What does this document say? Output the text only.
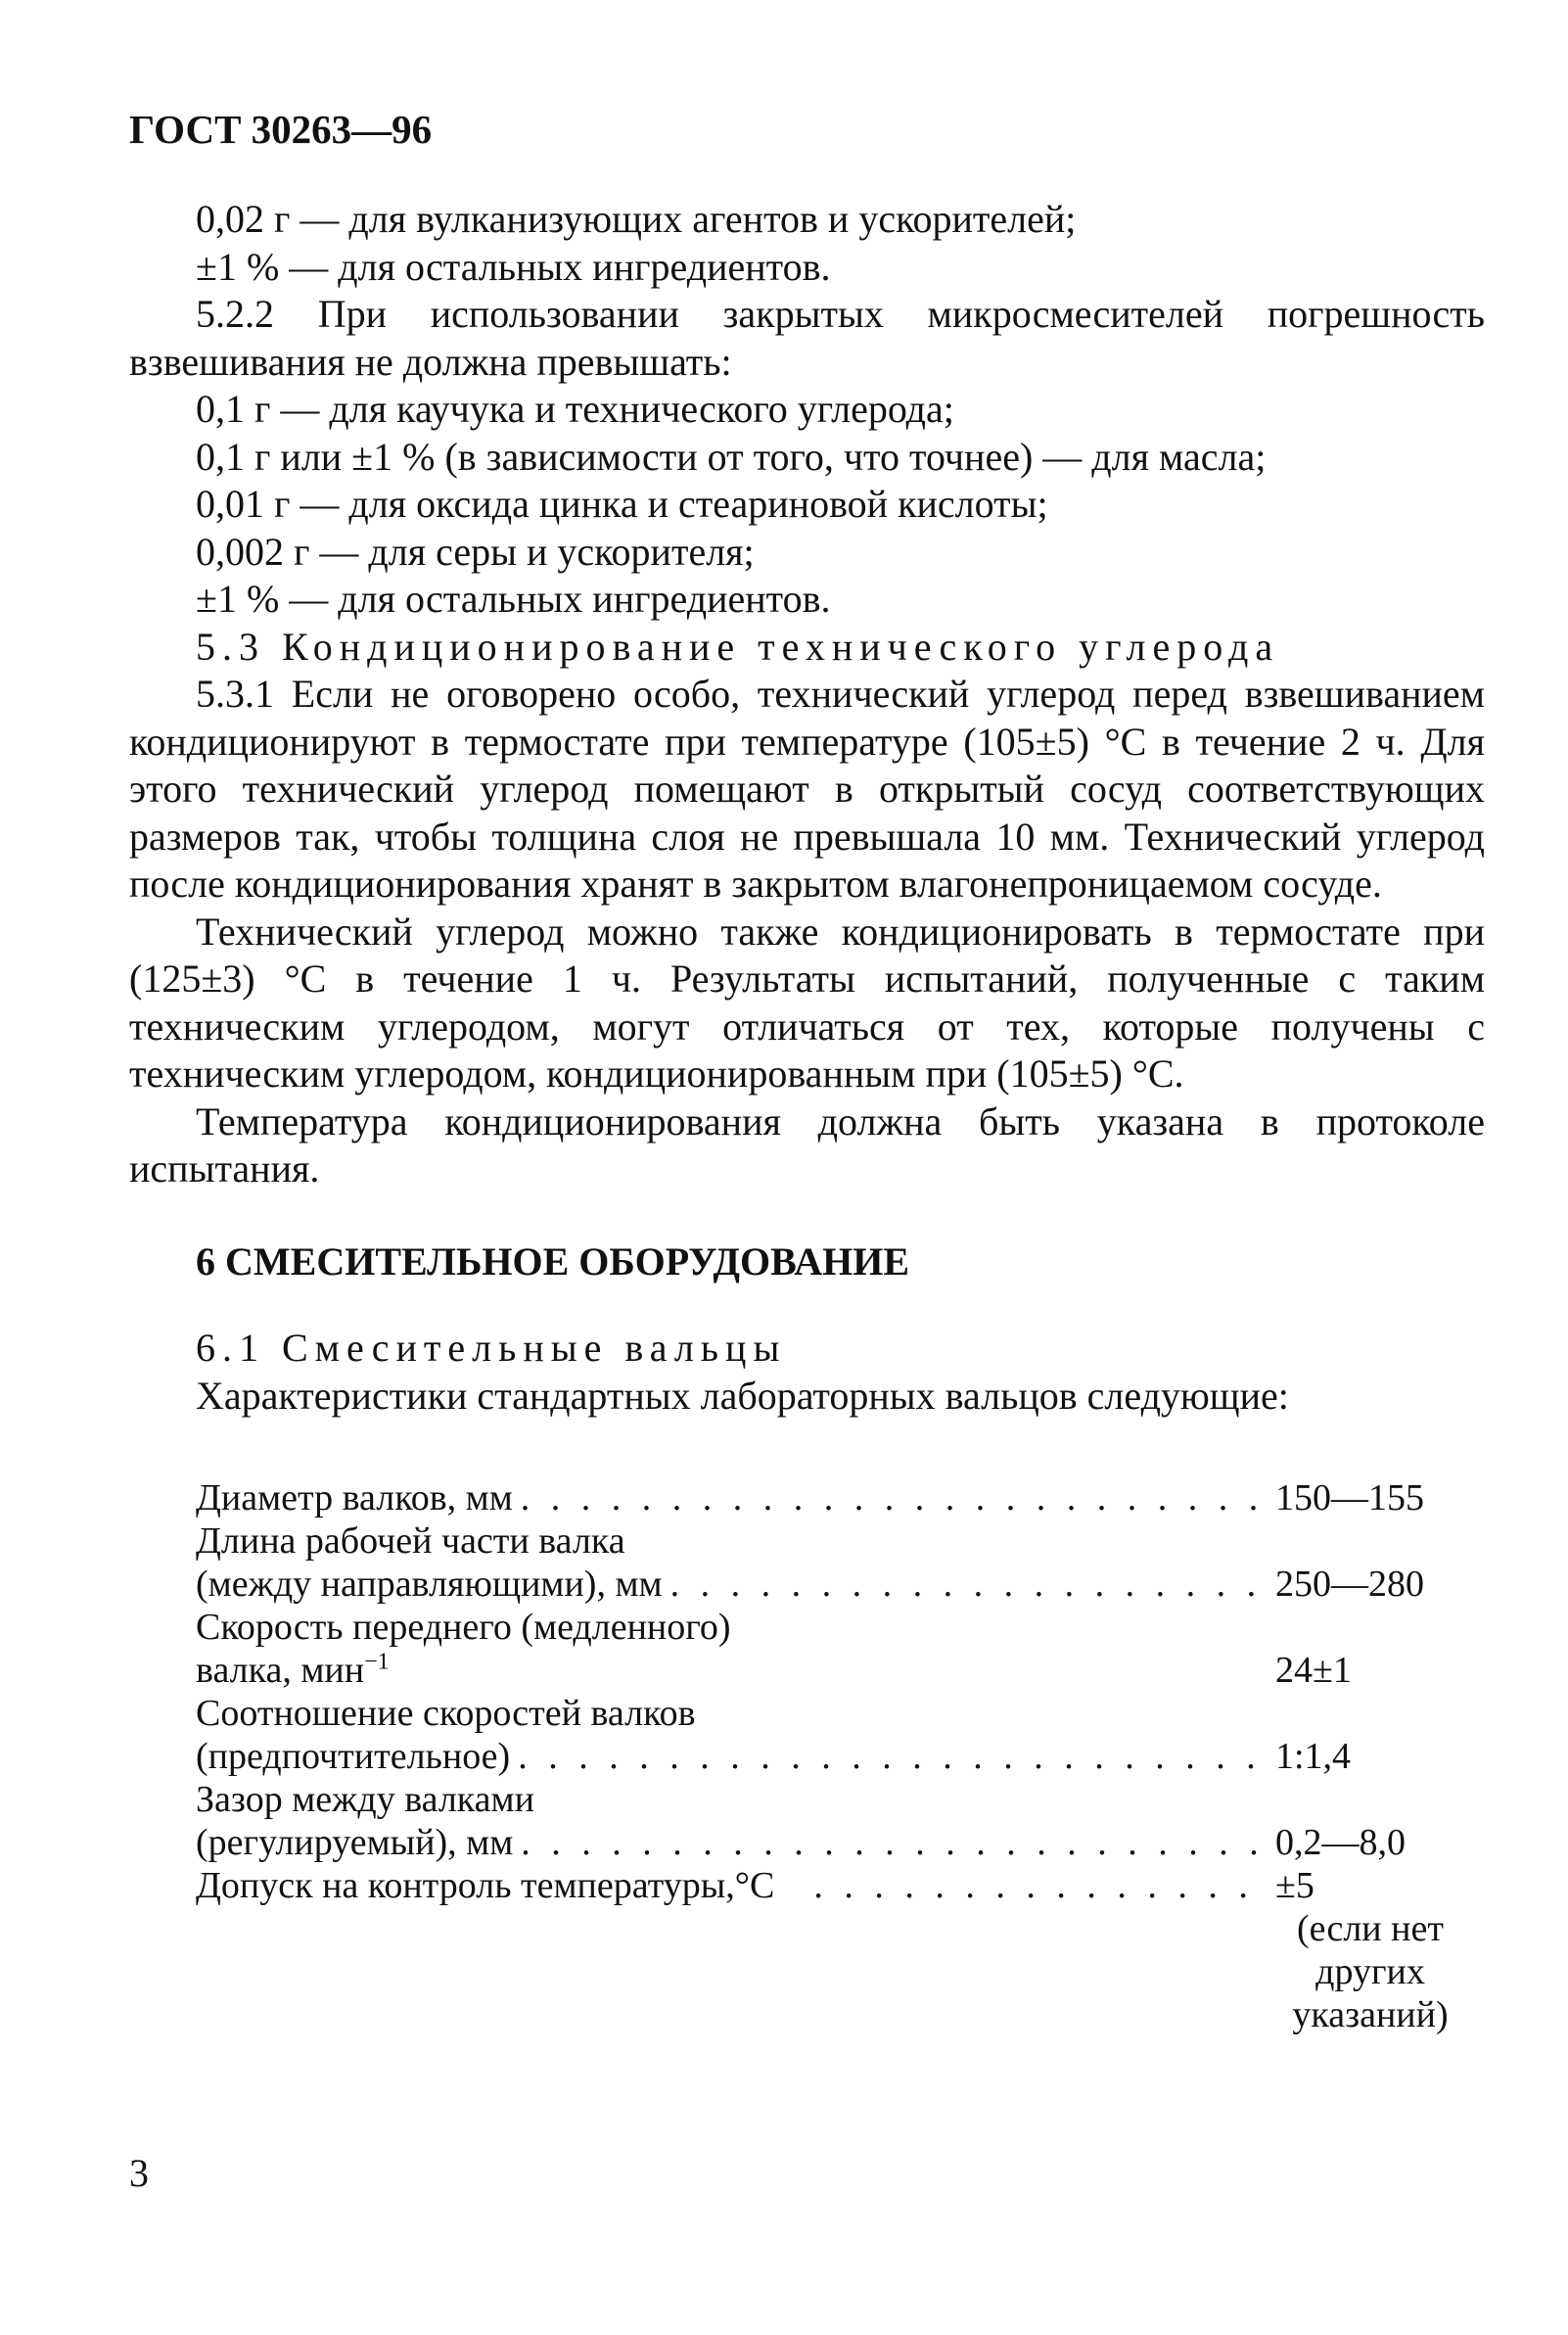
ГОСТ 30263—96

0,02 г — для вулканизующих агентов и ускорителей;

±1 % — для остальных ингредиентов.

5.2.2 При использовании закрытых микросмесителей погрешность взвешивания не должна превышать:

0,1 г — для каучука и технического углерода;

0,1 г или ±1 % (в зависимости от того, что точнее) — для масла;

0,01 г — для оксида цинка и стеариновой кислоты;

0,002 г — для серы и ускорителя;

±1 % — для остальных ингредиентов.

5.3 Кондиционирование технического углерода

5.3.1 Если не оговорено особо, технический углерод перед взвешиванием кондиционируют в термостате при температуре (105±5) °С в течение 2 ч. Для этого технический углерод помещают в открытый сосуд соответствующих размеров так, чтобы толщина слоя не превышала 10 мм. Технический углерод после кондиционирования хранят в закрытом влагонепроницаемом сосуде.

Технический углерод можно также кондиционировать в термостате при (125±3) °С в течение 1 ч. Результаты испытаний, полученные с таким техническим углеродом, могут отличаться от тех, которые получены с техническим углеродом, кондиционированным при (105±5) °С.

Температура кондиционирования должна быть указана в протоколе испытания.

6 СМЕСИТЕЛЬНОЕ ОБОРУДОВАНИЕ

6.1 Смесительные вальцы

Характеристики стандартных лабораторных вальцов следующие:

Диаметр валков, мм . . .	150—155
Длина рабочей части валка
(между направляющими), мм . . .	250—280
Скорость переднего (медленного)
валка, мин$^{-1}$	24±1
Соотношение скоростей валков
(предпочтительное) . . .	1:1,4
Зазор между валками
(регулируемый), мм . . .	0,2—8,0
Допуск на контроль температуры,°С . . .	±5
(если нет
других
указаний)
3
